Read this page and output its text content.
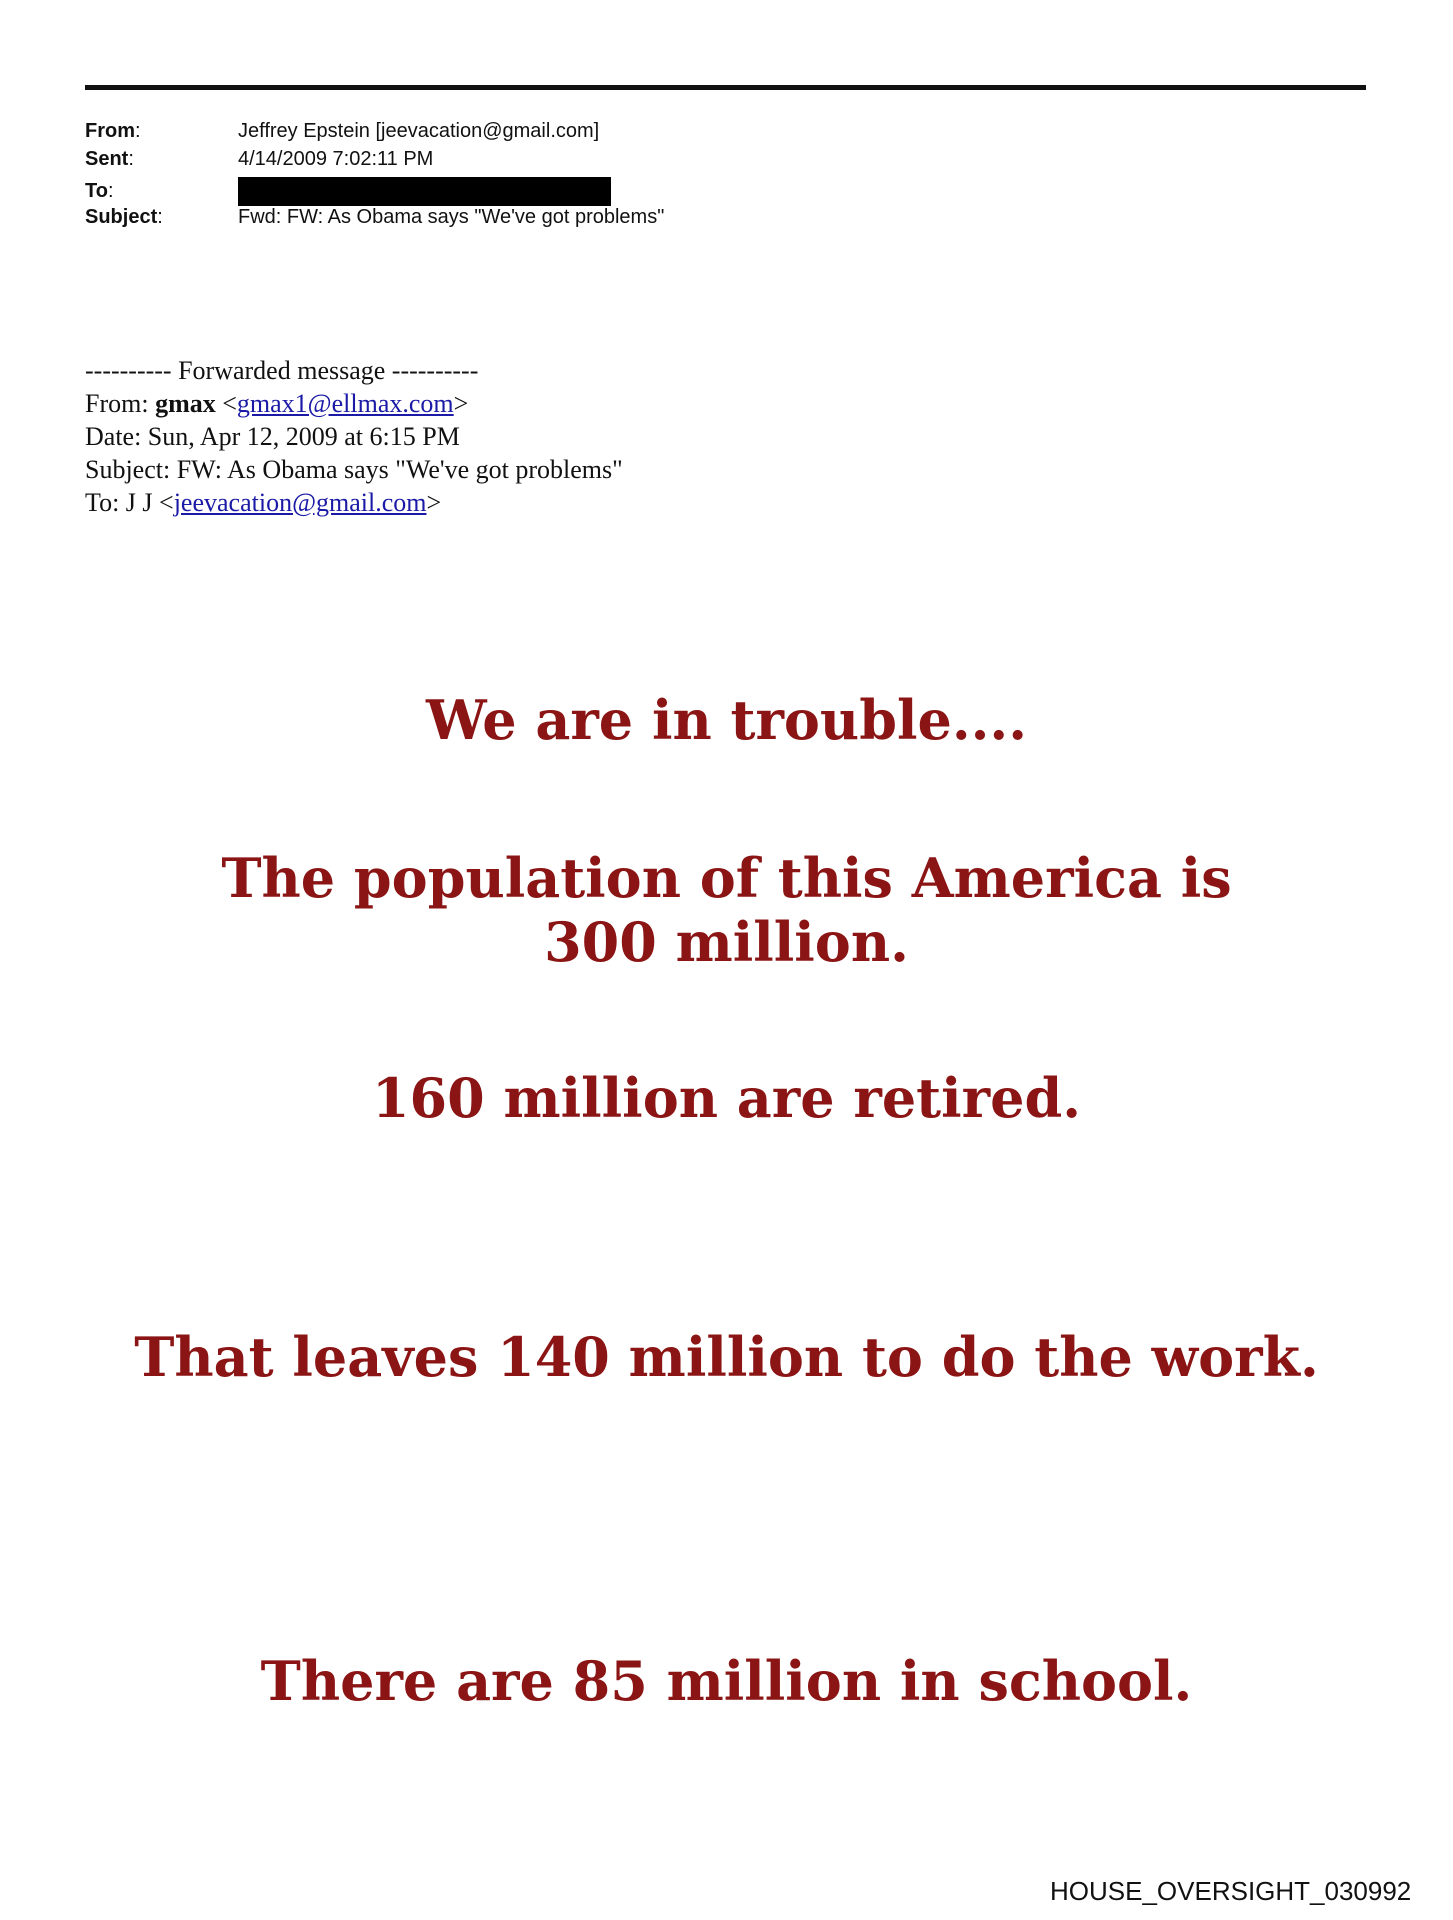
From:	Jeffrey Epstein [jeevacation@gmail.com]
Sent:	4/14/2009 7:02:11 PM
To:
Subject:	Fwd: FW: As Obama says "We've got problems"
---------- Forwarded message ----------
From: gmax <gmax1@ellmax.com>
Date: Sun, Apr 12, 2009 at 6:15 PM
Subject: FW: As Obama says "We've got problems"
To: J J <jeevacation@gmail.com>
We are in trouble....
The population of this America is 300 million.
160 million are retired.
That leaves 140 million to do the work.
There are 85 million in school.
HOUSE_OVERSIGHT_030992
